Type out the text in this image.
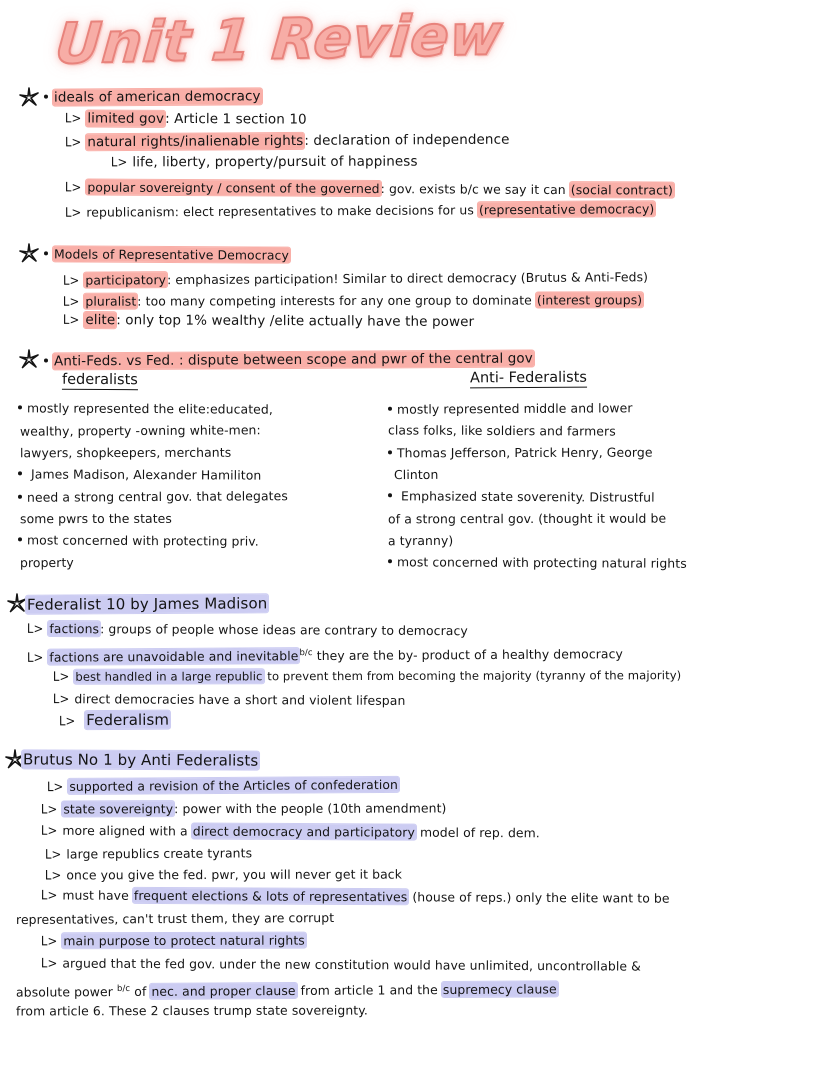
Unit 1 Review
ideals of american democracy
L> limited gov: Article 1 section 10
L> natural rights/inalienable rights: declaration of independence
L> life, liberty, property/pursuit of happiness
L> popular sovereignty / consent of the governed: gov. exists b/c we say it can (social contract)
L> republicanism: elect representatives to make decisions for us (representative democracy)
Models of Representative Democracy
L> participatory: emphasizes participation! Similar to direct democracy (Brutus & Anti-Feds)
L> pluralist: too many competing interests for any one group to dominate (interest groups)
L> elite: only top 1% wealthy /elite actually have the power
Anti-Feds. vs Fed. : dispute between scope and pwr of the central gov
federalists	Anti- Federalists
mostly represented the elite:educated,
wealthy, property -owning white-men:
lawyers, shopkeepers, merchants
James Madison, Alexander Hamiliton
need a strong central gov. that delegates
some pwrs to the states
most concerned with protecting priv.
property
mostly represented middle and lower
class folks, like soldiers and farmers
Thomas Jefferson, Patrick Henry, George
Clinton
Emphasized state soverenity. Distrustful
of a strong central gov. (thought it would be
a tyranny)
most concerned with protecting natural rights
Federalist 10 by James Madison
L> factions: groups of people whose ideas are contrary to democracy
L> factions are unavoidable and inevitable$^{b/c}$ they are the by- product of a healthy democracy
L> best handled in a large republic to prevent them from becoming the majority (tyranny of the majority)
L> direct democracies have a short and violent lifespan
L> Federalism
Brutus No 1 by Anti Federalists
L> supported a revision of the Articles of confederation
L> state sovereignty: power with the people (10th amendment)
L> more aligned with a direct democracy and participatory model of rep. dem.
L> large republics create tyrants
L> once you give the fed. pwr, you will never get it back
L> must have frequent elections & lots of representatives (house of reps.) only the elite want to be
representatives, can't trust them, they are corrupt
L> main purpose to protect natural rights
L> argued that the fed gov. under the new constitution would have unlimited, uncontrollable &
absolute power $^{b/c}$ of nec. and proper clause from article 1 and the supremecy clause
from article 6. These 2 clauses trump state sovereignty.
